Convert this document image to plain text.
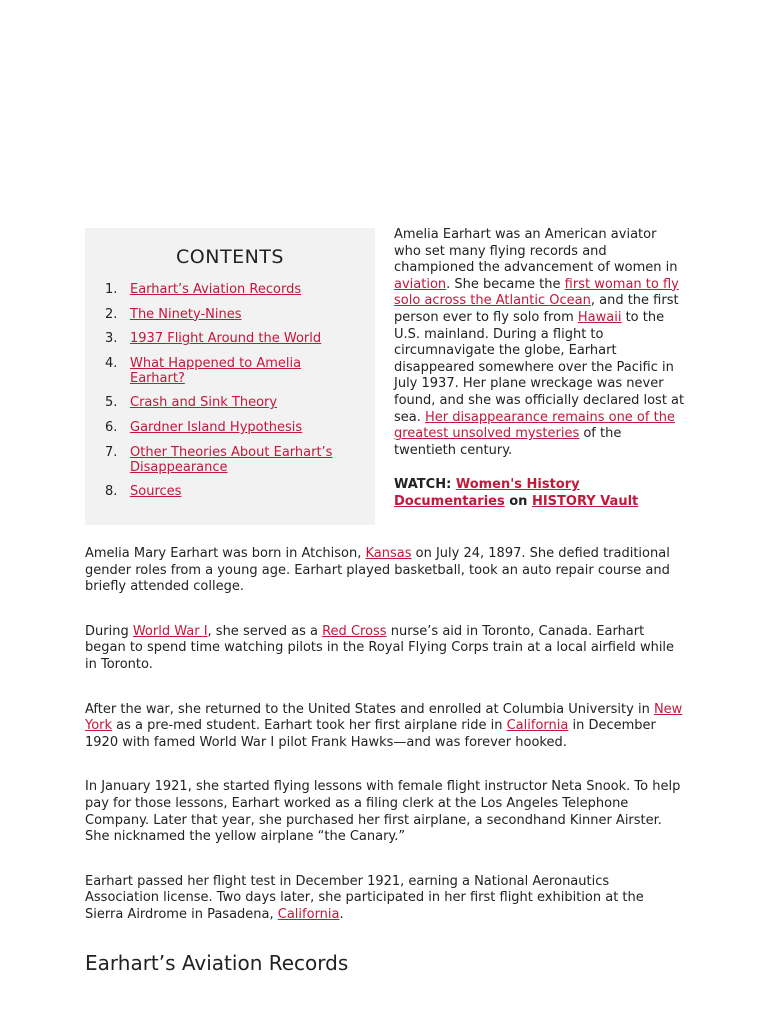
CONTENTS
1. Earhart’s Aviation Records
2. The Ninety-Nines
3. 1937 Flight Around the World
4. What Happened to Amelia Earhart?
5. Crash and Sink Theory
6. Gardner Island Hypothesis
7. Other Theories About Earhart’s Disappearance
8. Sources

Amelia Earhart was an American aviator who set many flying records and championed the advancement of women in aviation. She became the first woman to fly solo across the Atlantic Ocean, and the first person ever to fly solo from Hawaii to the U.S. mainland. During a flight to circumnavigate the globe, Earhart disappeared somewhere over the Pacific in July 1937. Her plane wreckage was never found, and she was officially declared lost at sea. Her disappearance remains one of the greatest unsolved mysteries of the twentieth century.

WATCH: Women's History Documentaries on HISTORY Vault

Amelia Mary Earhart was born in Atchison, Kansas on July 24, 1897. She defied traditional gender roles from a young age. Earhart played basketball, took an auto repair course and briefly attended college.

During World War I, she served as a Red Cross nurse’s aid in Toronto, Canada. Earhart began to spend time watching pilots in the Royal Flying Corps train at a local airfield while in Toronto.

After the war, she returned to the United States and enrolled at Columbia University in New York as a pre-med student. Earhart took her first airplane ride in California in December 1920 with famed World War I pilot Frank Hawks—and was forever hooked.

In January 1921, she started flying lessons with female flight instructor Neta Snook. To help pay for those lessons, Earhart worked as a filing clerk at the Los Angeles Telephone Company. Later that year, she purchased her first airplane, a secondhand Kinner Airster. She nicknamed the yellow airplane “the Canary.”

Earhart passed her flight test in December 1921, earning a National Aeronautics Association license. Two days later, she participated in her first flight exhibition at the Sierra Airdrome in Pasadena, California.

Earhart’s Aviation Records
